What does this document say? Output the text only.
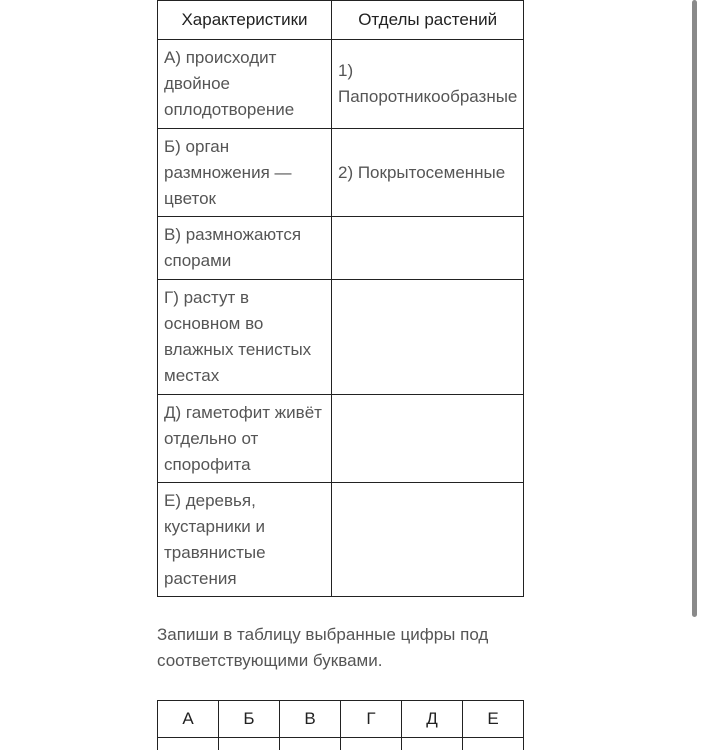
Характеристики	Отделы растений
А) происходит двойное оплодотворение	1) Папоротникообразные
Б) орган размножения — цветок	2) Покрытосеменные
В) размножаются спорами	
Г) растут в основном во влажных тенистых местах	
Д) гаметофит живёт отдельно от спорофита	
Е) деревья, кустарники и травянистые растения	
Запиши в таблицу выбранные цифры под соответствующими буквами.
А	Б	В	Г	Д	Е
